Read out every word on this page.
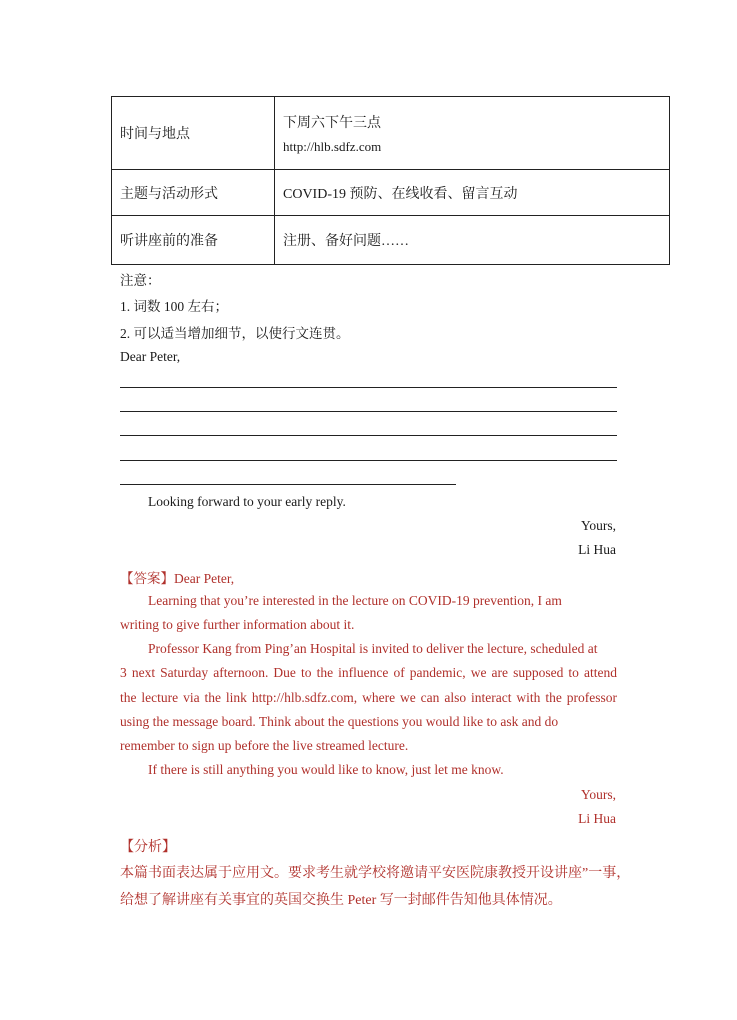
时间与地点	下周六下午三点
http://hlb.sdfz.com

主题与活动形式	COVID-19 预防、在线收看、留言互动
听讲座前的准备	注册、备好问题……
注意：
1. 词数 100 左右；
2. 可以适当增加细节，以使行文连贯。
Dear Peter,
Looking forward to your early reply.
Yours,
Li Hua
【答案】Dear Peter,
Learning that you’re interested in the lecture on COVID-19 prevention, I am
writing to give further information about it.
Professor Kang from Ping’an Hospital is invited to deliver the lecture, scheduled at
3 next Saturday afternoon. Due to the influence of pandemic, we are supposed to attend
the lecture via the link http://hlb.sdfz.com, where we can also interact with the professor
using the message board. Think about the questions you would like to ask and do
remember to sign up before the live streamed lecture.
If there is still anything you would like to know, just let me know.
Yours,
Li Hua
【分析】
本篇书面表达属于应用文。要求考生就学校将邀请平安医院康教授开设讲座”一事，
给想了解讲座有关事宜的英国交换生 Peter 写一封邮件告知他具体情况。
